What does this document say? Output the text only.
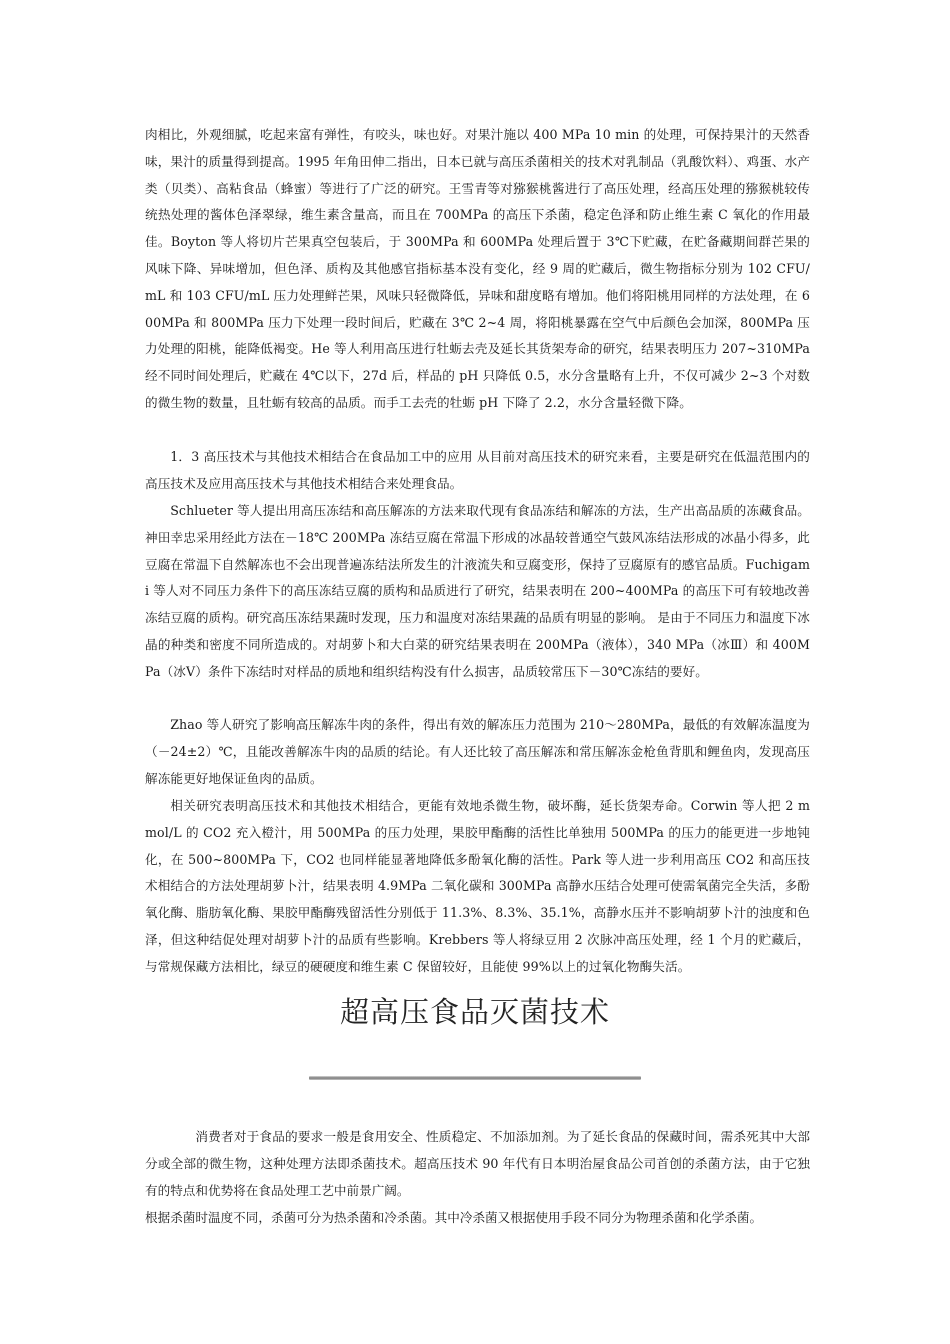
肉相比，外观细腻，吃起来富有弹性，有咬头，味也好。对果汁施以 400 MPa 10 min 的处理，可保持果汁的天然香味，果汁的质量得到提高。1995 年角田伸二指出，日本已就与高压杀菌相关的技术对乳制品（乳酸饮料）、鸡蛋、水产类（贝类）、高粘食品（蜂蜜）等进行了广泛的研究。王雪青等对猕猴桃酱进行了高压处理，经高压处理的猕猴桃较传统热处理的酱体色泽翠绿，维生素含量高，而且在 700MPa 的高压下杀菌，稳定色泽和防止维生素 C 氧化的作用最佳。Boyton 等人将切片芒果真空包装后，于 300MPa 和 600MPa 处理后置于 3℃下贮藏，在贮备藏期间群芒果的风味下降、异味增加，但色泽、质构及其他感官指标基本没有变化，经 9 周的贮藏后，微生物指标分别为 102 CFU/mL 和 103 CFU/mL 压力处理鲜芒果，风味只轻微降低，异味和甜度略有增加。他们将阳桃用同样的方法处理，在 600MPa 和 800MPa 压力下处理一段时间后，贮藏在 3℃ 2~4 周，将阳桃暴露在空气中后颜色会加深，800MPa 压力处理的阳桃，能降低褐变。He 等人利用高压进行牡蛎去壳及延长其货架寿命的研究，结果表明压力 207~310MPa 经不同时间处理后，贮藏在 4℃以下，27d 后，样品的 pH 只降低 0.5，水分含量略有上升，不仅可减少 2~3 个对数的微生物的数量，且牡蛎有较高的品质。而手工去壳的牡蛎 pH 下降了 2.2，水分含量轻微下降。

1．3 高压技术与其他技术相结合在食品加工中的应用 从目前对高压技术的研究来看，主要是研究在低温范围内的高压技术及应用高压技术与其他技术相结合来处理食品。

Schlueter 等人提出用高压冻结和高压解冻的方法来取代现有食品冻结和解冻的方法，生产出高品质的冻藏食品。神田幸忠采用经此方法在－18℃ 200MPa 冻结豆腐在常温下形成的冰晶较普通空气鼓风冻结法形成的冰晶小得多，此豆腐在常温下自然解冻也不会出现普遍冻结法所发生的汁液流失和豆腐变形，保持了豆腐原有的感官品质。Fuchigami 等人对不同压力条件下的高压冻结豆腐的质构和品质进行了研究，结果表明在 200~400MPa 的高压下可有较地改善冻结豆腐的质构。研究高压冻结果蔬时发现，压力和温度对冻结果蔬的品质有明显的影响。 是由于不同压力和温度下冰晶的种类和密度不同所造成的。对胡萝卜和大白菜的研究结果表明在 200MPa（液体），340 MPa（冰Ⅲ）和 400MPa（冰Ⅴ）条件下冻结时对样品的质地和组织结构没有什么损害，品质较常压下－30℃冻结的要好。

Zhao 等人研究了影响高压解冻牛肉的条件，得出有效的解冻压力范围为 210～280MPa，最低的有效解冻温度为（－24±2）℃，且能改善解冻牛肉的品质的结论。有人还比较了高压解冻和常压解冻金枪鱼背肌和鲤鱼肉，发现高压解冻能更好地保证鱼肉的品质。

相关研究表明高压技术和其他技术相结合，更能有效地杀微生物，破坏酶，延长货架寿命。Corwin 等人把 2 m mol/L 的 CO2 充入橙汁，用 500MPa 的压力处理，果胶甲酯酶的活性比单独用 500MPa 的压力的能更进一步地钝化，在 500~800MPa 下，CO2 也同样能显著地降低多酚氧化酶的活性。Park 等人进一步利用高压 CO2 和高压技术相结合的方法处理胡萝卜汁，结果表明 4.9MPa 二氧化碳和 300MPa 高静水压结合处理可使需氧菌完全失活，多酚氧化酶、脂肪氧化酶、果胶甲酯酶残留活性分别低于 11.3%、8.3%、35.1%，高静水压并不影响胡萝卜汁的浊度和色泽，但这种结促处理对胡萝卜汁的品质有些影响。Krebbers 等人将绿豆用 2 次脉冲高压处理，经 1 个月的贮藏后，与常规保藏方法相比，绿豆的硬硬度和维生素 C 保留较好，且能使 99%以上的过氧化物酶失活。

超高压食品灭菌技术

消费者对于食品的要求一般是食用安全、性质稳定、不加添加剂。为了延长食品的保藏时间，需杀死其中大部分或全部的微生物，这种处理方法即杀菌技术。超高压技术 90 年代有日本明治屋食品公司首创的杀菌方法，由于它独有的特点和优势将在食品处理工艺中前景广阔。

根据杀菌时温度不同，杀菌可分为热杀菌和冷杀菌。其中冷杀菌又根据使用手段不同分为物理杀菌和化学杀菌。
